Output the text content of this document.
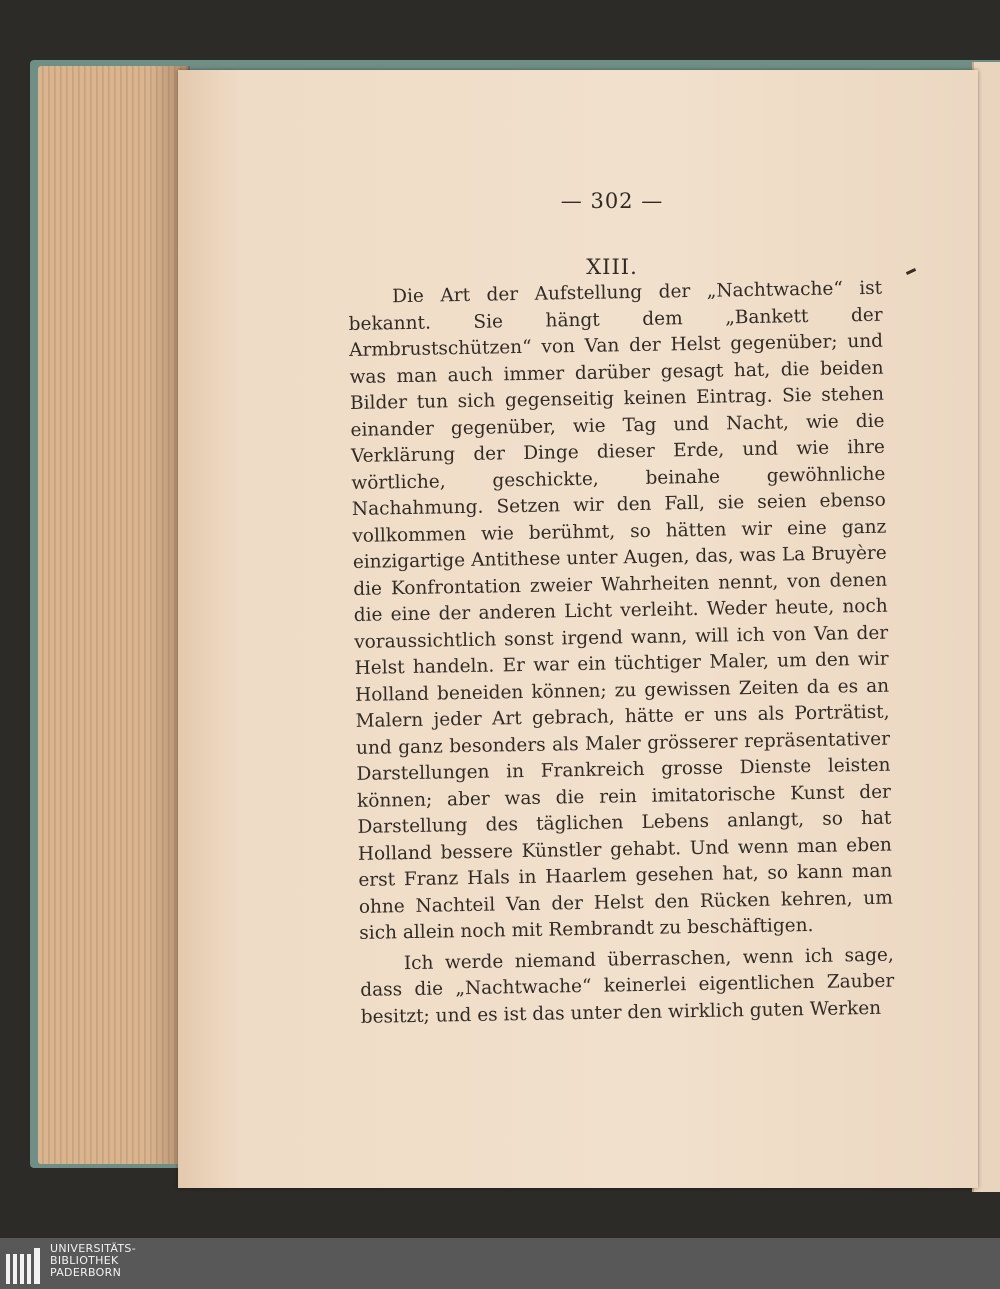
— 302 —
XIII.

Die Art der Aufstellung der „Nachtwache“ ist bekannt. Sie hängt dem „Bankett der Armbrustschützen“ von Van der Helst gegenüber; und was man auch immer darüber gesagt hat, die beiden Bilder tun sich gegenseitig keinen Eintrag. Sie stehen einander gegenüber, wie Tag und Nacht, wie die Verklärung der Dinge dieser Erde, und wie ihre wörtliche, geschickte, beinahe gewöhnliche Nachahmung. Setzen wir den Fall, sie seien ebenso vollkommen wie berühmt, so hätten wir eine ganz einzigartige Antithese unter Augen, das, was La Bruyère die Konfrontation zweier Wahrheiten nennt, von denen die eine der anderen Licht verleiht. Weder heute, noch voraussichtlich sonst irgend wann, will ich von Van der Helst handeln. Er war ein tüchtiger Maler, um den wir Holland beneiden können; zu gewissen Zeiten da es an Malern jeder Art gebrach, hätte er uns als Porträtist, und ganz besonders als Maler grösserer repräsentativer Darstellungen in Frankreich grosse Dienste leisten können; aber was die rein imitatorische Kunst der Darstellung des täglichen Lebens anlangt, so hat Holland bessere Künstler gehabt. Und wenn man eben erst Franz Hals in Haarlem gesehen hat, so kann man ohne Nachteil Van der Helst den Rücken kehren, um sich allein noch mit Rembrandt zu beschäftigen.

Ich werde niemand überraschen, wenn ich sage, dass die „Nachtwache“ keinerlei eigentlichen Zauber besitzt; und es ist das unter den wirklich guten Werken

UNIVERSITÄTS-
BIBLIOTHEK
PADERBORN
